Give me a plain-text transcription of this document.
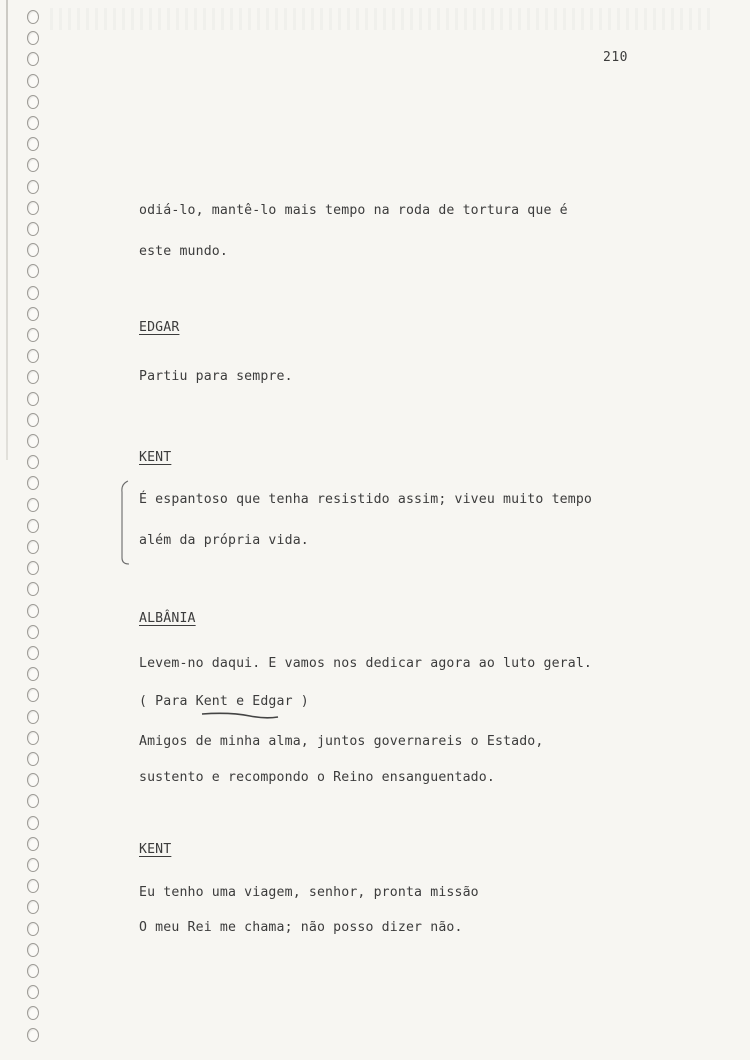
210
odiá-lo, mantê-lo mais tempo na roda de tortura que é
este mundo.
EDGAR
Partiu para sempre.
KENT
É espantoso que tenha resistido assim; viveu muito tempo
além da própria vida.
ALBÂNIA
Levem-no daqui. E vamos nos dedicar agora ao luto geral.
( Para Kent e Edgar )
Amigos de minha alma, juntos governareis o Estado,
sustento e recompondo o Reino ensanguentado.
KENT
Eu tenho uma viagem, senhor, pronta missão
O meu Rei me chama; não posso dizer não.
